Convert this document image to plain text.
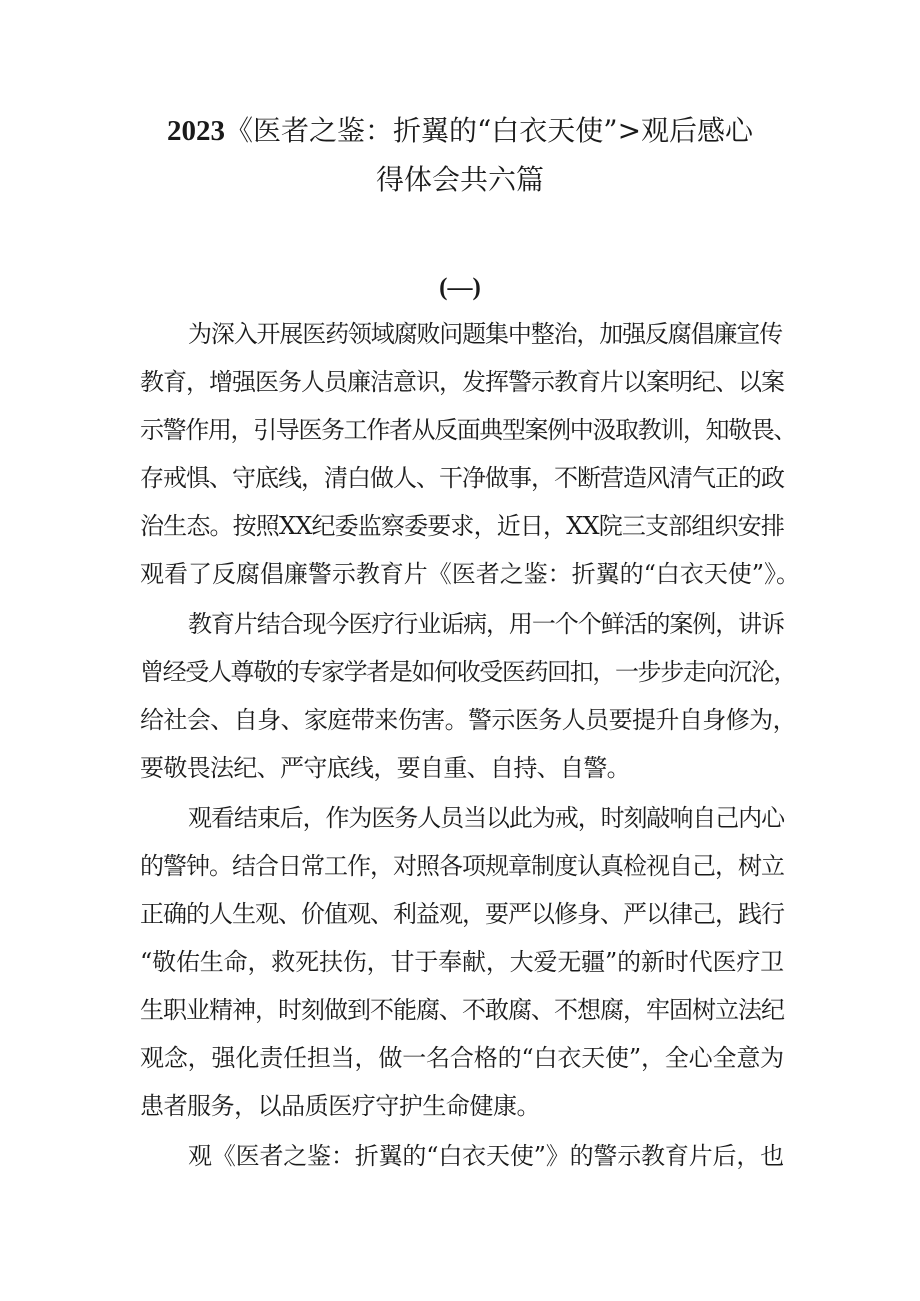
2023《医者之鉴：折翼的“白衣天使”>观后感心
得体会共六篇
(—)
为深入开展医药领域腐败问题集中整治，加强反腐倡廉宣传
教育，增强医务人员廉洁意识，发挥警示教育片以案明纪、以案
示警作用，引导医务工作者从反面典型案例中汲取教训，知敬畏、
存戒惧、守底线，清白做人、干净做事，不断营造风清气正的政
治生态。按照XX纪委监察委要求，近日，XX院三支部组织安排
观看了反腐倡廉警示教育片《医者之鉴：折翼的“白衣天使”》。
教育片结合现今医疗行业诟病，用一个个鲜活的案例，讲诉
曾经受人尊敬的专家学者是如何收受医药回扣，一步步走向沉沦，
给社会、自身、家庭带来伤害。警示医务人员要提升自身修为，
要敬畏法纪、严守底线，要自重、自持、自警。
观看结束后，作为医务人员当以此为戒，时刻敲响自己内心
的警钟。结合日常工作，对照各项规章制度认真检视自己，树立
正确的人生观、价值观、利益观，要严以修身、严以律己，践行
“敬佑生命，救死扶伤，甘于奉献，大爱无疆”的新时代医疗卫
生职业精神，时刻做到不能腐、不敢腐、不想腐，牢固树立法纪
观念，强化责任担当，做一名合格的“白衣天使”，全心全意为
患者服务，以品质医疗守护生命健康。
观《医者之鉴：折翼的“白衣天使”》的警示教育片后，也
